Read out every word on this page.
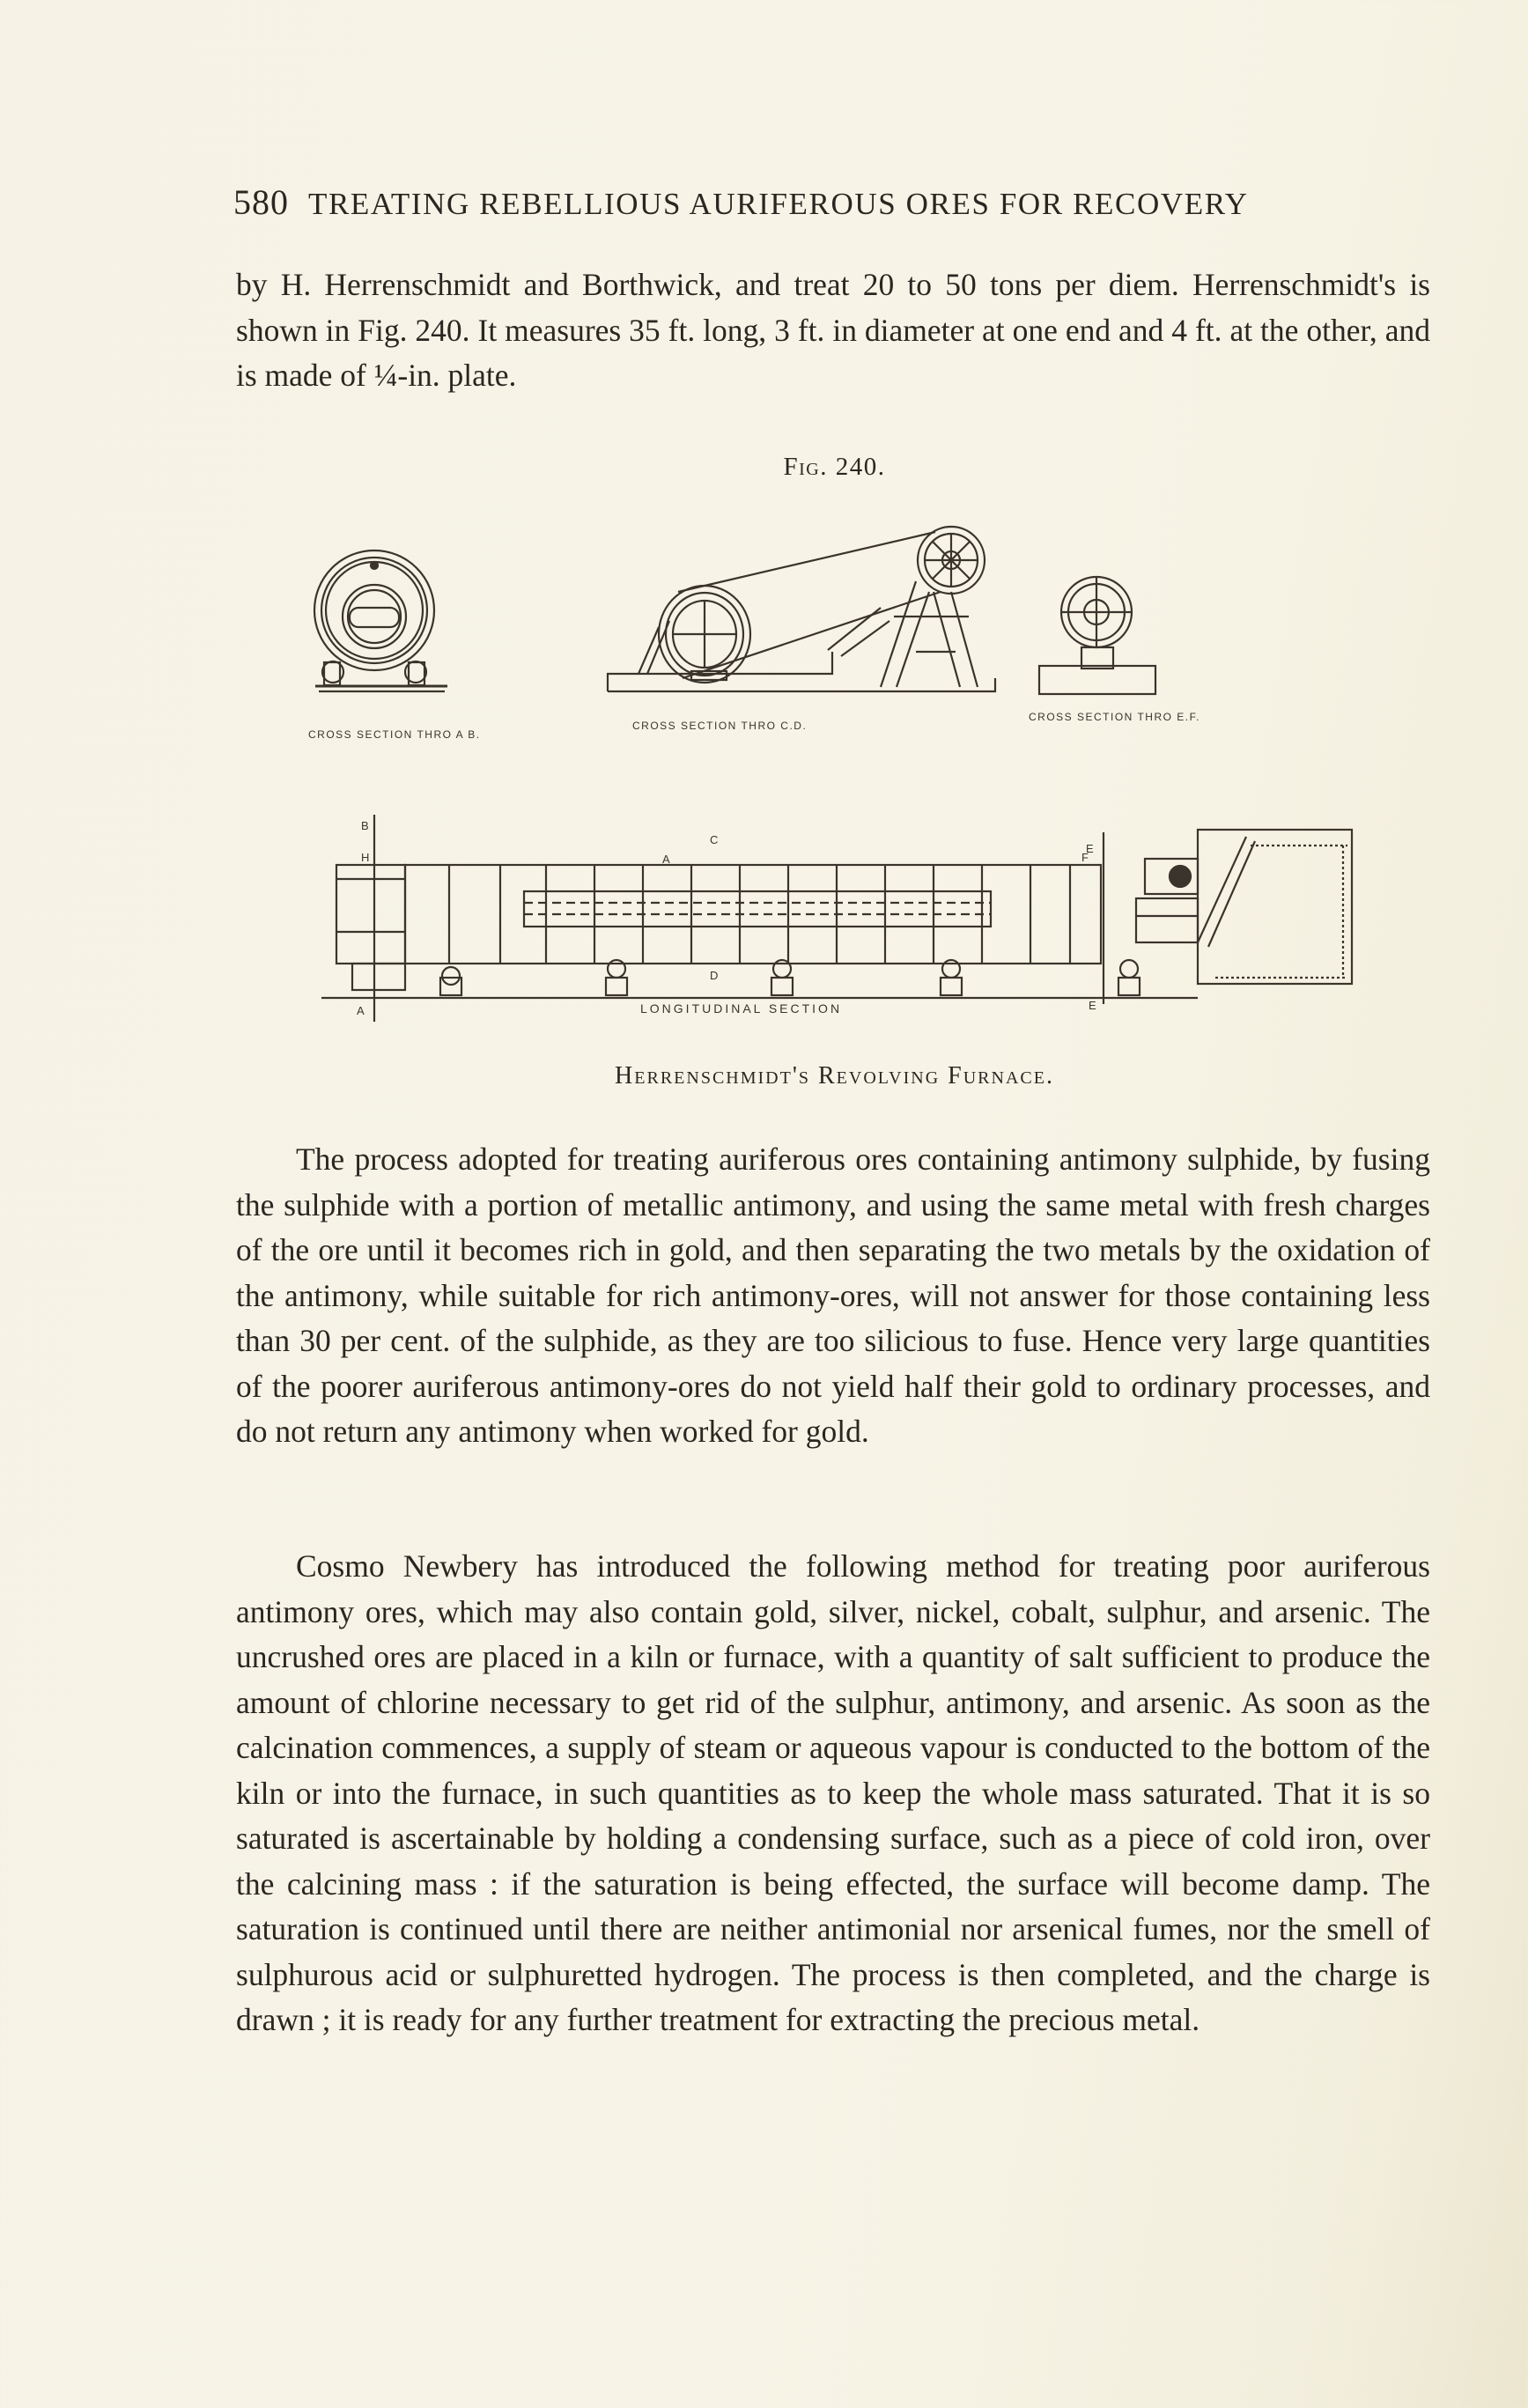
580 TREATING REBELLIOUS AURIFEROUS ORES FOR RECOVERY

by H. Herrenschmidt and Borthwick, and treat 20 to 50 tons per diem. Herrenschmidt's is shown in Fig. 240. It measures 35 ft. long, 3 ft. in diameter at one end and 4 ft. at the other, and is made of ¼-in. plate.

Fig. 240.
CROSS SECTION THRO A B.
CROSS SECTION THRO C.D.
CROSS SECTION THRO E.F.
LONGITUDINAL SECTION
B
H
A
C
D
E
F
A
E
Herrenschmidt's Revolving Furnace.

The process adopted for treating auriferous ores containing antimony sulphide, by fusing the sulphide with a portion of metallic antimony, and using the same metal with fresh charges of the ore until it becomes rich in gold, and then separating the two metals by the oxidation of the antimony, while suitable for rich antimony-ores, will not answer for those containing less than 30 per cent. of the sulphide, as they are too silicious to fuse. Hence very large quantities of the poorer auriferous antimony-ores do not yield half their gold to ordinary processes, and do not return any antimony when worked for gold.

Cosmo Newbery has introduced the following method for treating poor auriferous antimony ores, which may also contain gold, silver, nickel, cobalt, sulphur, and arsenic. The uncrushed ores are placed in a kiln or furnace, with a quantity of salt sufficient to produce the amount of chlorine necessary to get rid of the sulphur, antimony, and arsenic. As soon as the calcination commences, a supply of steam or aqueous vapour is conducted to the bottom of the kiln or into the furnace, in such quantities as to keep the whole mass saturated. That it is so saturated is ascertainable by holding a condensing surface, such as a piece of cold iron, over the calcining mass : if the saturation is being effected, the surface will become damp. The saturation is continued until there are neither antimonial nor arsenical fumes, nor the smell of sulphurous acid or sulphuretted hydrogen. The process is then completed, and the charge is drawn ; it is ready for any further treatment for extracting the precious metal.
